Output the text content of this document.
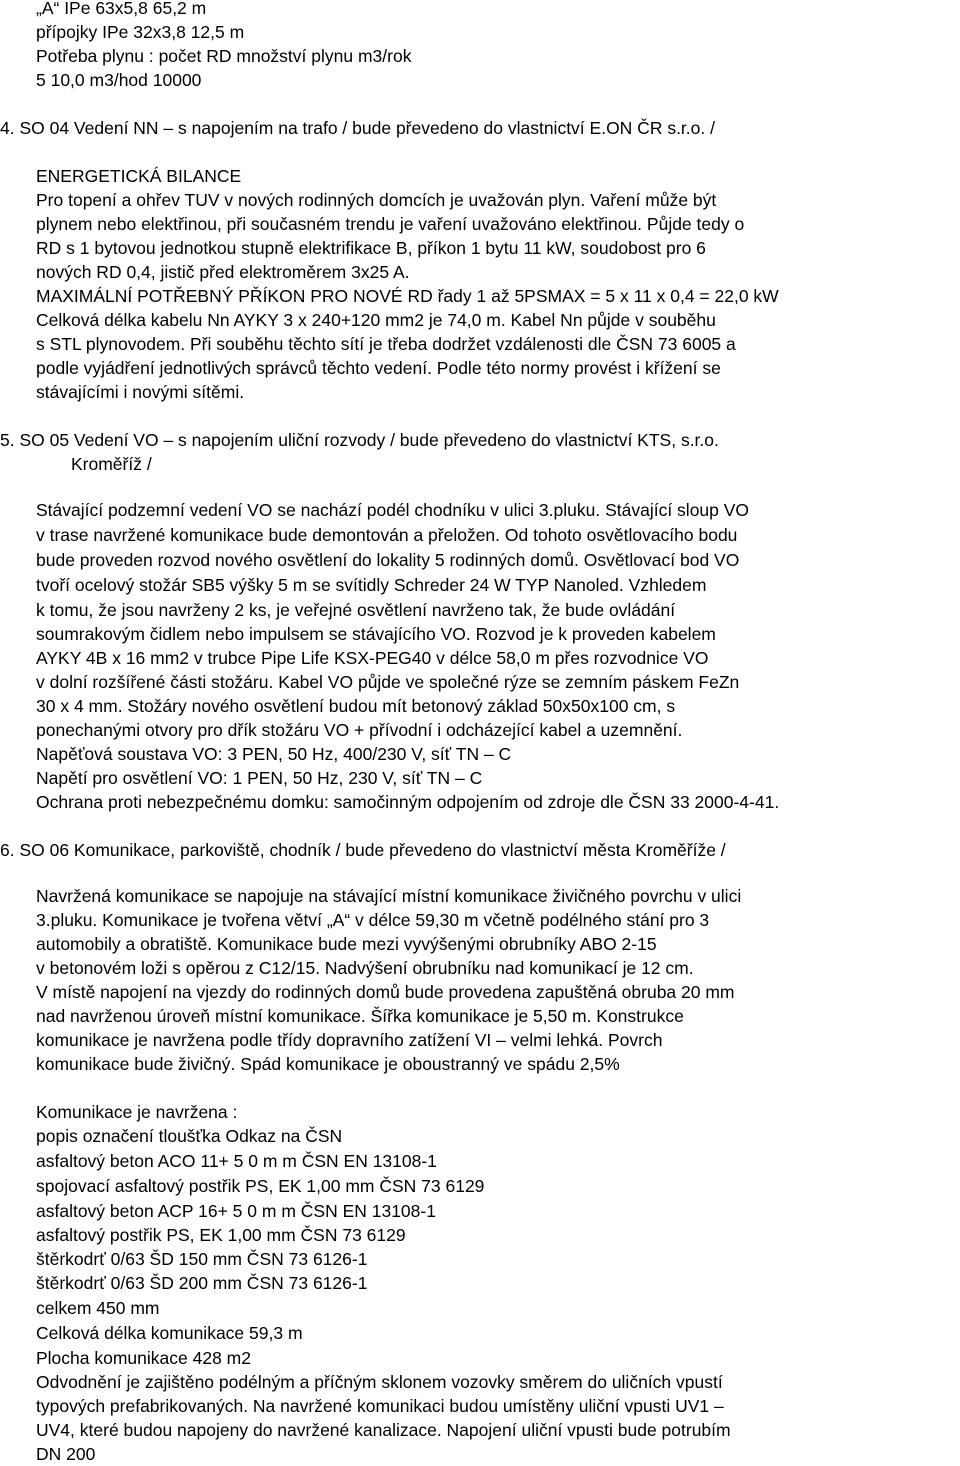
„A“ IPe 63x5,8 65,2 m
přípojky IPe 32x3,8 12,5 m
Potřeba plynu : počet RD množství plynu m3/rok
5 10,0 m3/hod 10000
4. SO 04 Vedení NN – s napojením na trafo / bude převedeno do vlastnictví E.ON ČR s.r.o. /
ENERGETICKÁ BILANCE
Pro topení a ohřev TUV v nových rodinných domcích je uvažován plyn. Vaření může být
plynem nebo elektřinou, při současném trendu je vaření uvažováno elektřinou. Půjde tedy o
RD s 1 bytovou jednotkou stupně elektrifikace B, příkon 1 bytu 11 kW, soudobost pro 6
nových RD 0,4, jistič před elektroměrem 3x25 A.
MAXIMÁLNÍ POTŘEBNÝ PŘÍKON PRO NOVÉ RD řady 1 až 5PSMAX = 5 x 11 x 0,4 = 22,0 kW
Celková délka kabelu Nn AYKY 3 x 240+120 mm2 je 74,0 m. Kabel Nn půjde v souběhu
s STL plynovodem. Při souběhu těchto sítí je třeba dodržet vzdálenosti dle ČSN 73 6005 a
podle vyjádření jednotlivých správců těchto vedení. Podle této normy provést i křížení se
stávajícími i novými sítěmi.
5. SO 05 Vedení VO – s napojením uliční rozvody / bude převedeno do vlastnictví KTS, s.r.o.
Kroměříž /
Stávající podzemní vedení VO se nachází podél chodníku v ulici 3.pluku. Stávající sloup VO
v trase navržené komunikace bude demontován a přeložen. Od tohoto osvětlovacího bodu
bude proveden rozvod nového osvětlení do lokality 5 rodinných domů. Osvětlovací bod VO
tvoří ocelový stožár SB5 výšky 5 m se svítidly Schreder 24 W TYP Nanoled. Vzhledem
k tomu, že jsou navrženy 2 ks, je veřejné osvětlení navrženo tak, že bude ovládání
soumrakovým čidlem nebo impulsem se stávajícího VO. Rozvod je k proveden kabelem
AYKY 4B x 16 mm2 v trubce Pipe Life KSX-PEG40 v délce 58,0 m přes rozvodnice VO
v dolní rozšířené části stožáru. Kabel VO půjde ve společné rýze se zemním páskem FeZn
30 x 4 mm. Stožáry nového osvětlení budou mít betonový základ 50x50x100 cm, s
ponechanými otvory pro dřík stožáru VO + přívodní i odcházející kabel a uzemnění.
Napěťová soustava VO: 3 PEN, 50 Hz, 400/230 V, síť TN – C
Napětí pro osvětlení VO: 1 PEN, 50 Hz, 230 V, síť TN – C
Ochrana proti nebezpečnému domku: samočinným odpojením od zdroje dle ČSN 33 2000-4-41.
6. SO 06 Komunikace, parkoviště, chodník / bude převedeno do vlastnictví města Kroměříže /
Navržená komunikace se napojuje na stávající místní komunikace živičného povrchu v ulici
3.pluku. Komunikace je tvořena větví „A“ v délce 59,30 m včetně podélného stání pro 3
automobily a obratiště. Komunikace bude mezi vyvýšenými obrubníky ABO 2-15
v betonovém loži s opěrou z C12/15. Nadvýšení obrubníku nad komunikací je 12 cm.
V místě napojení na vjezdy do rodinných domů bude provedena zapuštěná obruba 20 mm
nad navrženou úroveň místní komunikace. Šířka komunikace je 5,50 m. Konstrukce
komunikace je navržena podle třídy dopravního zatížení VI – velmi lehká. Povrch
komunikace bude živičný. Spád komunikace je oboustranný ve spádu 2,5%
Komunikace je navržena :
popis označení tloušťka Odkaz na ČSN
asfaltový beton ACO 11+ 5 0 m m ČSN EN 13108-1
spojovací asfaltový postřik PS, EK 1,00 mm ČSN 73 6129
asfaltový beton ACP 16+ 5 0 m m ČSN EN 13108-1
asfaltový postřik PS, EK 1,00 mm ČSN 73 6129
štěrkodrť 0/63 ŠD 150 mm ČSN 73 6126-1
štěrkodrť 0/63 ŠD 200 mm ČSN 73 6126-1
celkem 450 mm
Celková délka komunikace 59,3 m
Plocha komunikace 428 m2
Odvodnění je zajištěno podélným a příčným sklonem vozovky směrem do uličních vpustí
typových prefabrikovaných. Na navržené komunikaci budou umístěny uliční vpusti UV1 –
UV4, které budou napojeny do navržené kanalizace. Napojení uliční vpusti bude potrubím
DN 200
